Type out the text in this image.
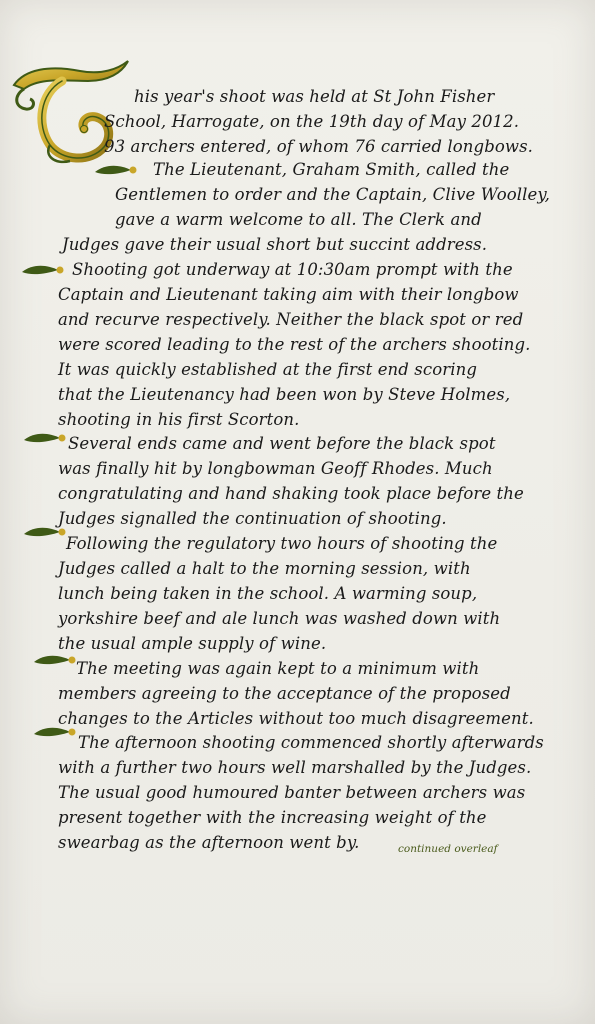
his year's shoot was held at St John Fisher
School, Harrogate, on the 19th day of May 2012.
93 archers entered, of whom 76 carried longbows.
The Lieutenant, Graham Smith, called the
Gentlemen to order and the Captain, Clive Woolley,
gave a warm welcome to all. The Clerk and
Judges gave their usual short but succint address.
Shooting got underway at 10:30am prompt with the
Captain and Lieutenant taking aim with their longbow
and recurve respectively. Neither the black spot or red
were scored leading to the rest of the archers shooting.
It was quickly established at the first end scoring
that the Lieutenancy had been won by Steve Holmes,
shooting in his first Scorton.
Several ends came and went before the black spot
was finally hit by longbowman Geoff Rhodes. Much
congratulating and hand shaking took place before the
Judges signalled the continuation of shooting.
Following the regulatory two hours of shooting the
Judges called a halt to the morning session, with
lunch being taken in the school. A warming soup,
yorkshire beef and ale lunch was washed down with
the usual ample supply of wine.
The meeting was again kept to a minimum with
members agreeing to the acceptance of the proposed
changes to the Articles without too much disagreement.
The afternoon shooting commenced shortly afterwards
with a further two hours well marshalled by the Judges.
The usual good humoured banter between archers was
present together with the increasing weight of the
swearbag as the afternoon went by.	continued overleaf
